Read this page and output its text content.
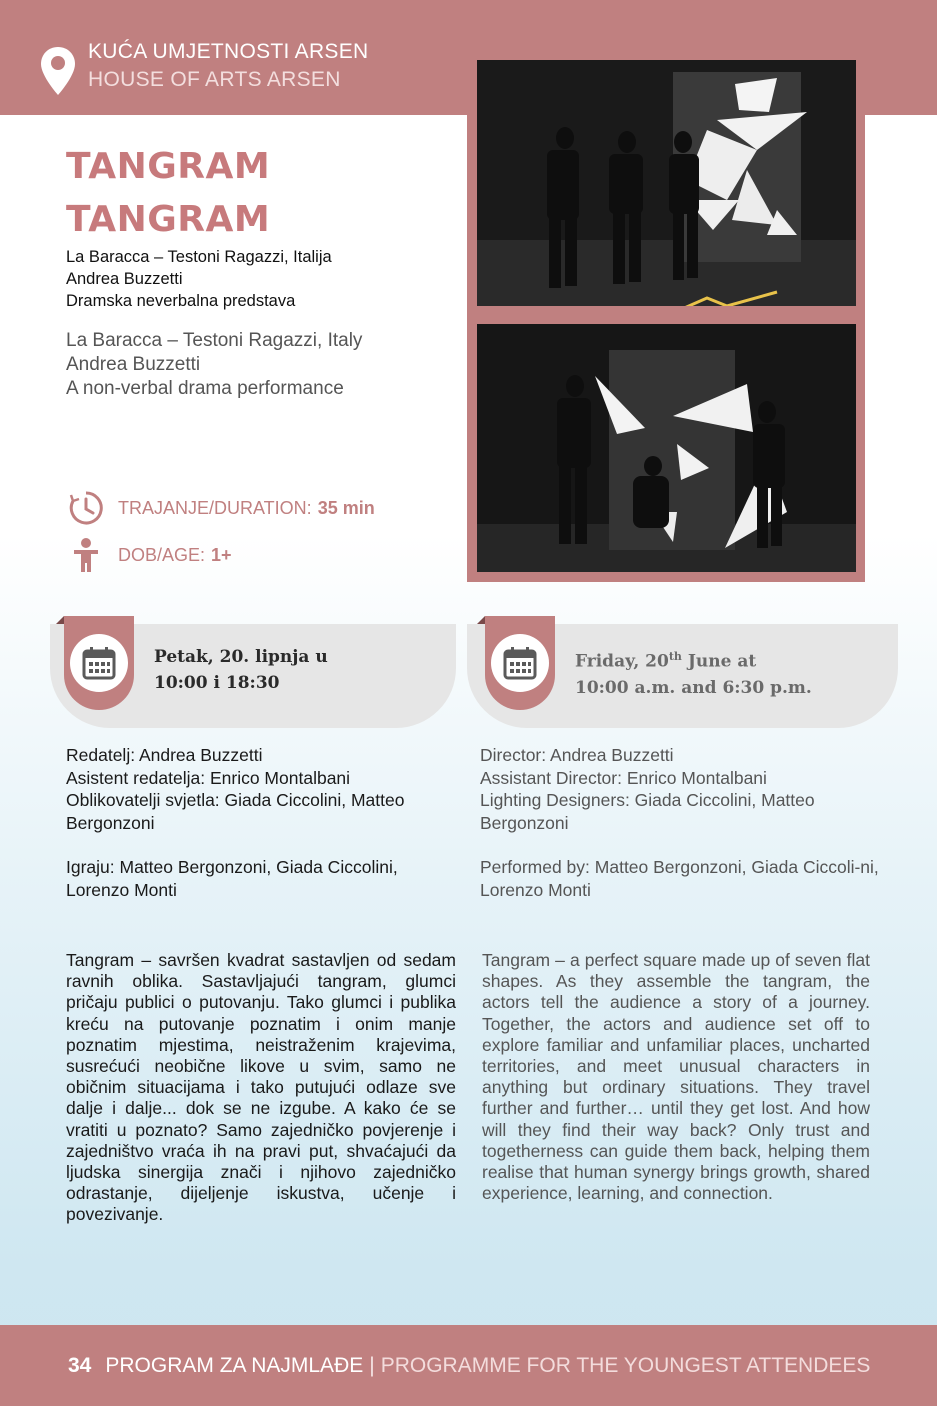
KUĆA UMJETNOSTI ARSEN
HOUSE OF ARTS ARSEN
TANGRAM
TANGRAM
La Baracca – Testoni Ragazzi, Italija
Andrea Buzzetti
Dramska neverbalna predstava
La Baracca – Testoni Ragazzi, Italy
Andrea Buzzetti
A non-verbal drama performance
TRAJANJE/ DURATION: 35 min
DOB/AGE: 1+
Petak, 20. lipnja u
10:00 i 18:30
Friday, 20th June at
10:00 a.m. and 6:30 p.m.

Redatelj: Andrea Buzzetti
Asistent redatelja: Enrico Montalbani
Oblikovatelji svjetla: Giada Ciccolini, Matteo Bergonzoni

Igraju: Matteo Bergonzoni, Giada Ciccolini, Lorenzo Monti

Director: Andrea Buzzetti
Assistant Director: Enrico Montalbani
Lighting Designers: Giada Ciccolini, Matteo Bergonzoni

Performed by: Matteo Bergonzoni, Giada Ciccoli-ni, Lorenzo Monti

Tangram – savršen kvadrat sastavljen od sedam ravnih oblika. Sastavljajući tangram, glumci pričaju publici o putovanju. Tako glumci i publika kreću na putovanje poznatim i onim manje poznatim mjestima, neistraženim krajevima, susrećući neobične likove u svim, samo ne običnim situacijama i tako putujući odlaze sve dalje i dalje... dok se ne izgube. A kako će se vratiti u poznato? Samo zajedničko povjerenje i zajedništvo vraća ih na pravi put, shvaćajući da ljudska sinergija znači i njihovo zajedničko odrastanje, dijeljenje iskustva, učenje i povezivanje.
Tangram – a perfect square made up of seven flat shapes. As they assemble the tangram, the actors tell the audience a story of a journey. Together, the actors and audience set off to explore familiar and unfamiliar places, uncharted territories, and meet unusual characters in anything but ordinary situations. They travel further and further… until they get lost. And how will they find their way back? Only trust and togetherness can guide them back, helping them realise that human synergy brings growth, shared experience, learning, and connection.
34 PROGRAM ZA NAJMLAĐE | PROGRAMME FOR THE YOUNGEST ATTENDEES
